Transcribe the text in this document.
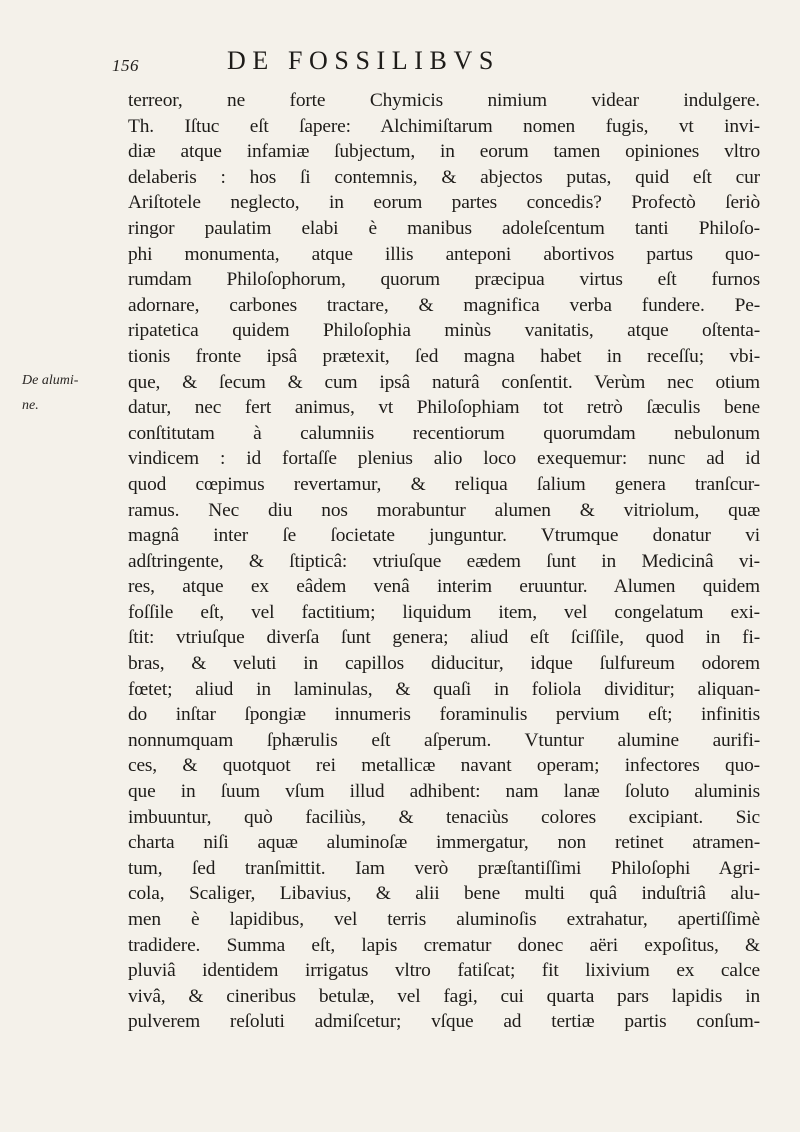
156	DE FOSSILIBVS
De alumi-
ne.
terreor, ne forte Chymicis nimium videar indulgere.
Th. Iſtuc eſt ſapere: Alchimiſtarum nomen fugis, vt invi-
diæ atque infamiæ ſubjectum, in eorum tamen opiniones vltro
delaberis : hos ſi contemnis, & abjectos putas, quid eſt cur
Ariſtotele neglecto, in eorum partes concedis? Profectò ſeriò
ringor paulatim elabi è manibus adoleſcentum tanti Philoſo-
phi monumenta, atque illis anteponi abortivos partus quo-
rumdam Philoſophorum, quorum præcipua virtus eſt furnos
adornare, carbones tractare, & magnifica verba fundere. Pe-
ripatetica quidem Philoſophia minùs vanitatis, atque oſtenta-
tionis fronte ipsâ prætexit, ſed magna habet in receſſu; vbi-
que, & ſecum & cum ipsâ naturâ conſentit. Verùm nec otium
datur, nec fert animus, vt Philoſophiam tot retrò ſæculis bene
conſtitutam à calumniis recentiorum quorumdam nebulonum
vindicem : id fortaſſe plenius alio loco exequemur: nunc ad id
quod cœpimus revertamur, & reliqua ſalium genera tranſcur-
ramus. Nec diu nos morabuntur alumen & vitriolum, quæ
magnâ inter ſe ſocietate junguntur. Vtrumque donatur vi
adſtringente, & ſtipticâ: vtriuſque eædem ſunt in Medicinâ vi-
res, atque ex eâdem venâ interim eruuntur. Alumen quidem
foſſile eſt, vel factitium; liquidum item, vel congelatum exi-
ſtit: vtriuſque diverſa ſunt genera; aliud eſt ſciſſile, quod in fi-
bras, & veluti in capillos diducitur, idque ſulfureum odorem
fœtet; aliud in laminulas, & quaſi in foliola dividitur; aliquan-
do inſtar ſpongiæ innumeris foraminulis pervium eſt; infinitis
nonnumquam ſphærulis eſt aſperum. Vtuntur alumine aurifi-
ces, & quotquot rei metallicæ navant operam; infectores quo-
que in ſuum vſum illud adhibent: nam lanæ ſoluto aluminis
imbuuntur, quò faciliùs, & tenaciùs colores excipiant. Sic
charta niſi aquæ aluminoſæ immergatur, non retinet atramen-
tum, ſed tranſmittit. Iam verò præſtantiſſimi Philoſophi Agri-
cola, Scaliger, Libavius, & alii bene multi quâ induſtriâ alu-
men è lapidibus, vel terris aluminoſis extrahatur, apertiſſimè
tradidere. Summa eſt, lapis crematur donec aëri expoſitus, &
pluviâ identidem irrigatus vltro fatiſcat; fit lixivium ex calce
vivâ, & cineribus betulæ, vel fagi, cui quarta pars lapidis in
pulverem reſoluti admiſcetur; vſque ad tertiæ partis conſum-
